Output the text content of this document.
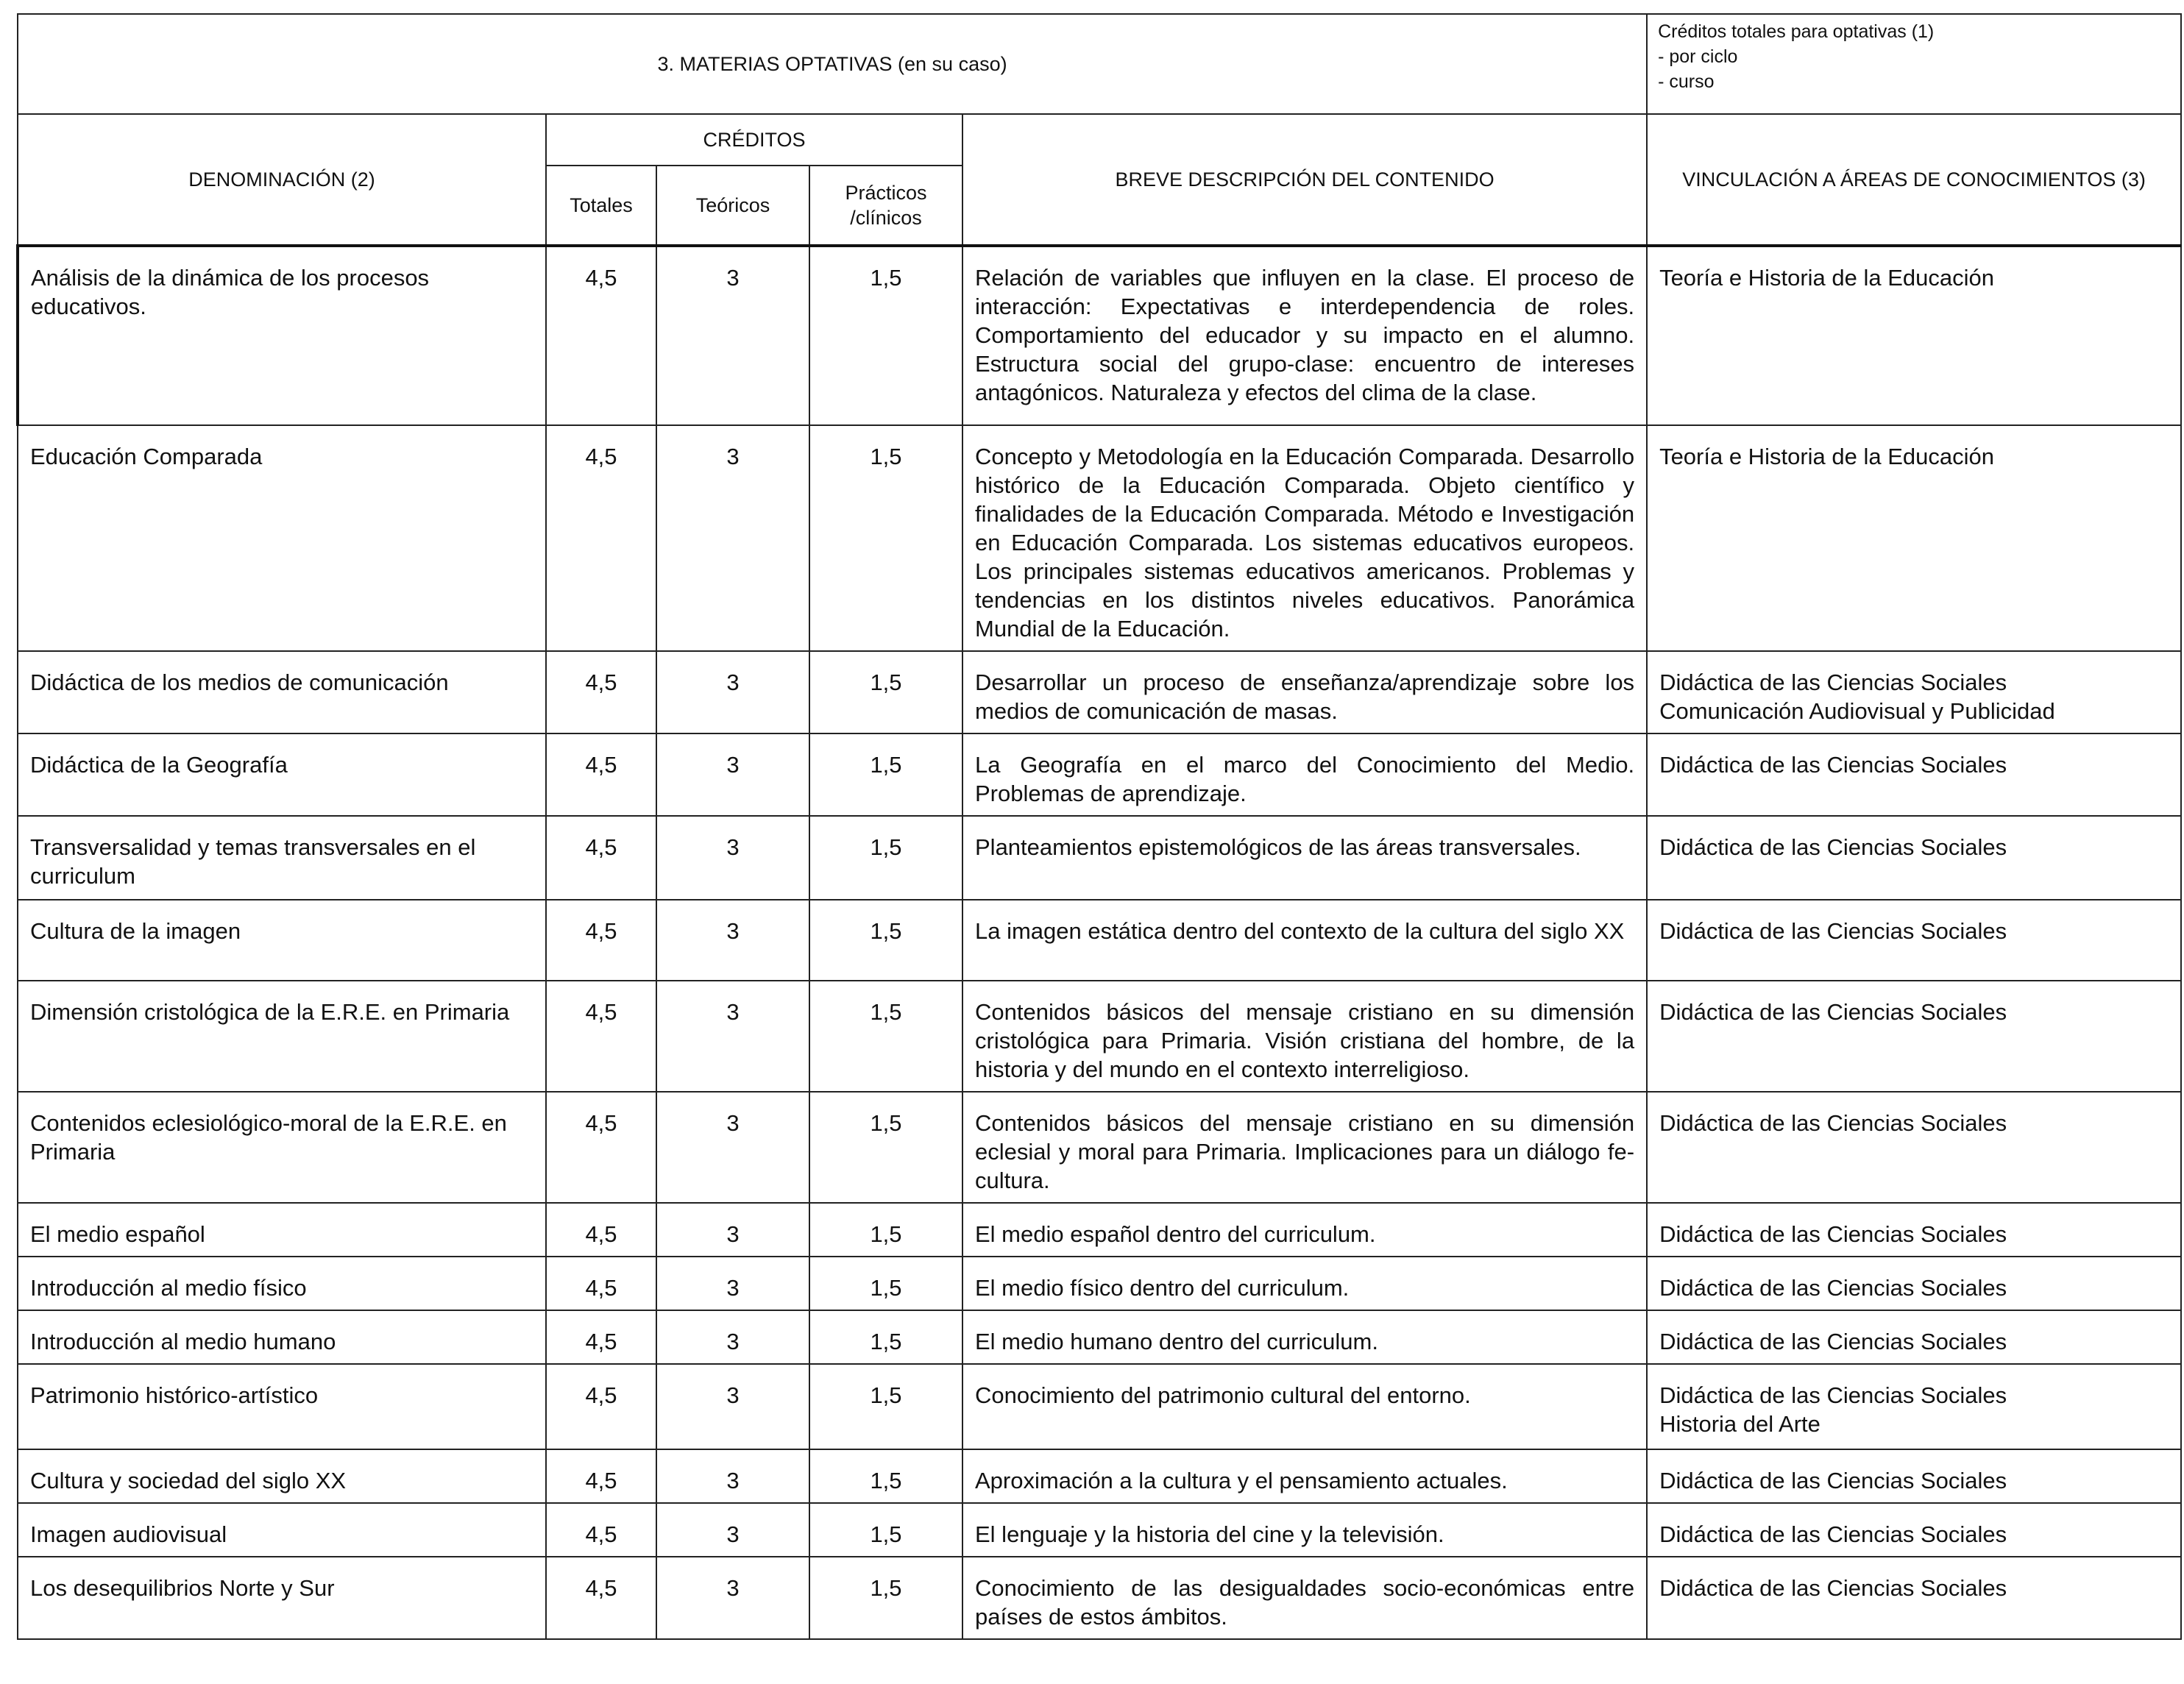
3. MATERIAS OPTATIVAS (en su caso)					Créditos totales para optativas (1)
- por ciclo
- curso

DENOMINACIÓN (2)	CRÉDITOS			BREVE DESCRIPCIÓN DEL CONTENIDO	VINCULACIÓN A ÁREAS DE CONOCIMIENTOS (3)
	Totales	Teóricos	Prácticos
/clínicos		

Análisis de la dinámica de los procesos educativos.	4,5	3	1,5	Relación de variables que influyen en la clase. El proceso de interacción: Expectativas e interdependencia de roles. Comportamiento del educador y su impacto en el alumno. Estructura social del grupo-clase: encuentro de intereses antagónicos. Naturaleza y efectos del clima de la clase.	Teoría e Historia de la Educación

Educación Comparada	4,5	3	1,5	Concepto y Metodología en la Educación Comparada. Desarrollo histórico de la Educación Comparada. Objeto científico y finalidades de la Educación Comparada. Método e Investigación en Educación Comparada. Los sistemas educativos europeos. Los principales sistemas educativos americanos. Problemas y tendencias en los distintos niveles educativos. Panorámica Mundial de la Educación.	Teoría e Historia de la Educación

Didáctica de los medios de comunicación	4,5	3	1,5	Desarrollar un proceso de enseñanza/aprendizaje sobre los medios de comunicación de masas.	Didáctica de las Ciencias Sociales
Comunicación Audiovisual y Publicidad

Didáctica de la Geografía	4,5	3	1,5	La Geografía en el marco del Conocimiento del Medio. Problemas de aprendizaje.	Didáctica de las Ciencias Sociales

Transversalidad y temas transversales en el curriculum	4,5	3	1,5	Planteamientos epistemológicos de las áreas transversales.	Didáctica de las Ciencias Sociales

Cultura de la imagen	4,5	3	1,5	La imagen estática dentro del contexto de la cultura del siglo XX	Didáctica de las Ciencias Sociales

Dimensión cristológica de la E.R.E. en Primaria	4,5	3	1,5	Contenidos básicos del mensaje cristiano en su dimensión cristológica para Primaria. Visión cristiana del hombre, de la historia y del mundo en el contexto interreligioso.	Didáctica de las Ciencias Sociales

Contenidos eclesiológico-moral de la E.R.E. en Primaria	4,5	3	1,5	Contenidos básicos del mensaje cristiano en su dimensión eclesial y moral para Primaria. Implicaciones para un diálogo fe-cultura.	Didáctica de las Ciencias Sociales

El medio español	4,5	3	1,5	El medio español dentro del curriculum.	Didáctica de las Ciencias Sociales

Introducción al medio físico	4,5	3	1,5	El medio físico dentro del curriculum.	Didáctica de las Ciencias Sociales

Introducción al medio humano	4,5	3	1,5	El medio humano dentro del curriculum.	Didáctica de las Ciencias Sociales

Patrimonio histórico-artístico	4,5	3	1,5	Conocimiento del patrimonio cultural del entorno.	Didáctica de las Ciencias Sociales
Historia del Arte

Cultura y sociedad del siglo XX	4,5	3	1,5	Aproximación a la cultura y el pensamiento actuales.	Didáctica de las Ciencias Sociales

Imagen audiovisual	4,5	3	1,5	El lenguaje y la historia del cine y la televisión.	Didáctica de las Ciencias Sociales

Los desequilibrios Norte y Sur	4,5	3	1,5	Conocimiento de las desigualdades socio-económicas entre países de estos ámbitos.	Didáctica de las Ciencias Sociales
